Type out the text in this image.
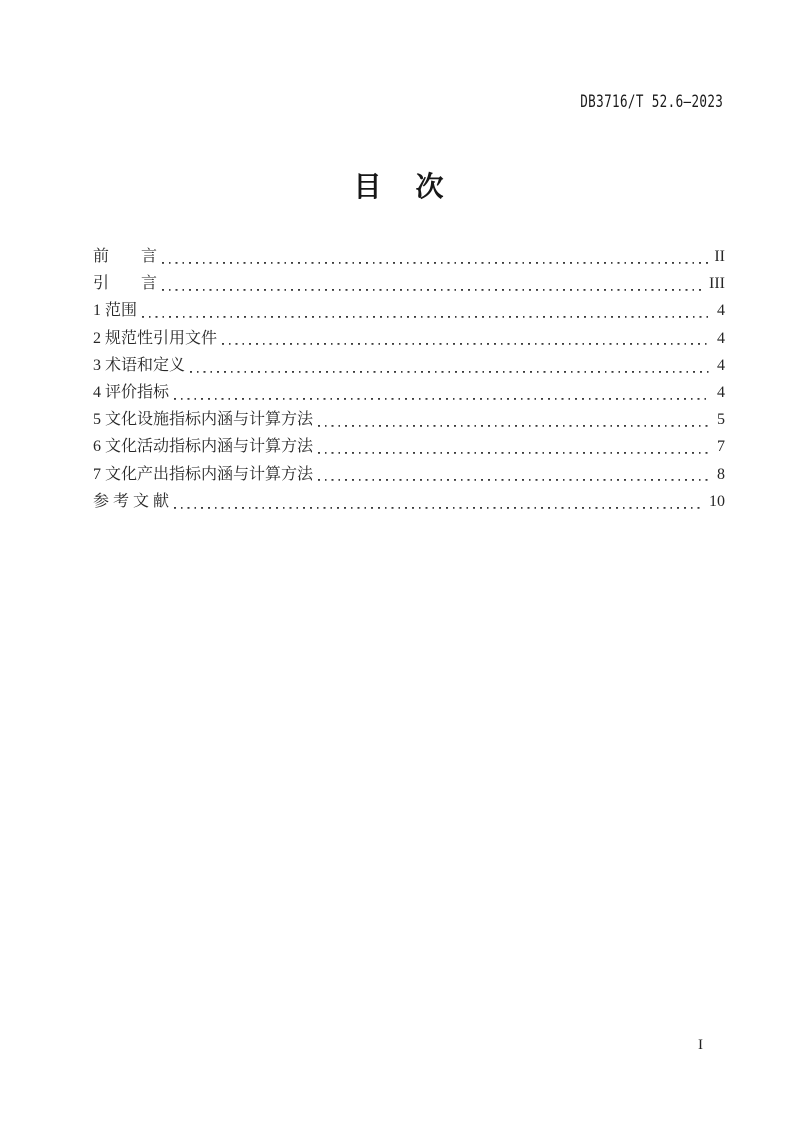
DB3716/T 52.6—2023
目　次
前　　言	II
引　　言	III
1 范围	4
2 规范性引用文件	4
3 术语和定义	4
4 评价指标	4
5 文化设施指标内涵与计算方法	5
6 文化活动指标内涵与计算方法	7
7 文化产出指标内涵与计算方法	8
参 考 文 献	10
I
